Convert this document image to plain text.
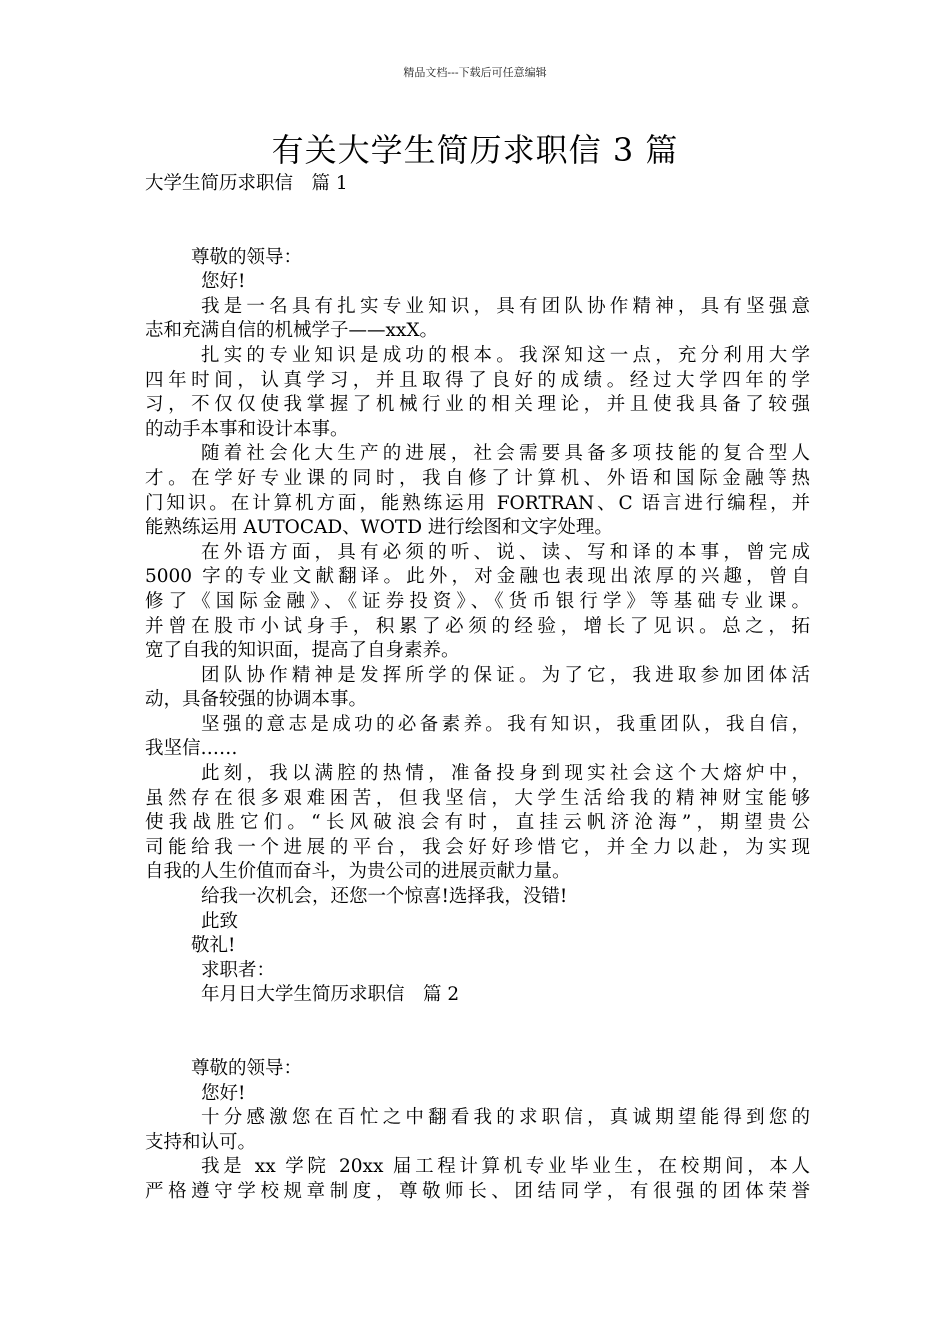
精品文档---下载后可任意编辑
有关大学生简历求职信 3 篇
大学生简历求职信　篇 1
尊敬的领导：
您好!
我是一名具有扎实专业知识，具有团队协作精神，具有坚强意
志和充满自信的机械学子——xxX。
扎实的专业知识是成功的根本。我深知这一点，充分利用大学
四年时间，认真学习，并且取得了良好的成绩。经过大学四年的学
习，不仅仅使我掌握了机械行业的相关理论，并且使我具备了较强
的动手本事和设计本事。
随着社会化大生产的进展，社会需要具备多项技能的复合型人
才。在学好专业课的同时，我自修了计算机、外语和国际金融等热
门知识。在计算机方面，能熟练运用 FORTRAN、C 语言进行编程，并
能熟练运用 AUTOCAD、WOTD 进行绘图和文字处理。
在外语方面，具有必须的听、说、读、写和译的本事，曾完成
5000 字的专业文献翻译。此外，对金融也表现出浓厚的兴趣，曾自
修了《国际金融》、《证券投资》、《货币银行学》等基础专业课。
并曾在股市小试身手，积累了必须的经验，增长了见识。总之，拓
宽了自我的知识面，提高了自身素养。
团队协作精神是发挥所学的保证。为了它，我进取参加团体活
动，具备较强的协调本事。
坚强的意志是成功的必备素养。我有知识，我重团队，我自信，
我坚信……
此刻，我以满腔的热情，准备投身到现实社会这个大熔炉中，
虽然存在很多艰难困苦，但我坚信，大学生活给我的精神财宝能够
使我战胜它们。“长风破浪会有时，直挂云帆济沧海”，期望贵公
司能给我一个进展的平台，我会好好珍惜它，并全力以赴，为实现
自我的人生价值而奋斗，为贵公司的进展贡献力量。
给我一次机会，还您一个惊喜!选择我，没错!
此致
敬礼!
求职者：
年月日大学生简历求职信　篇 2
尊敬的领导：
您好!
十分感激您在百忙之中翻看我的求职信，真诚期望能得到您的
支持和认可。
我是 xx 学院 20xx 届工程计算机专业毕业生，在校期间，本人
严格遵守学校规章制度，尊敬师长、团结同学，有很强的团体荣誉
